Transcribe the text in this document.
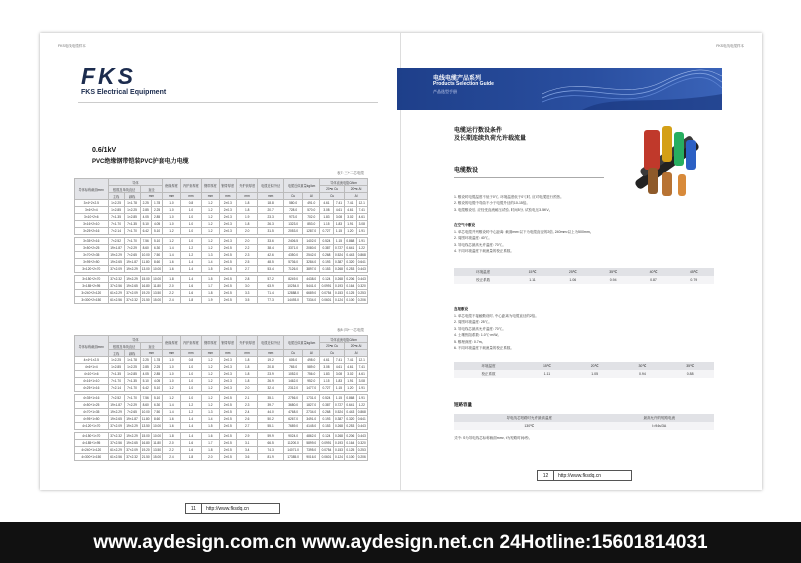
FKS电线电缆样本
FKS
FKS Electrical Equipment
0.6/1kV
PVC绝缘钢带铠装PVC护套电力电缆
表7: 三+二芯电缆
导体标称截面mm²	导体				绝缘厚度	内护套厚度	钢带厚度	钢带厚度	外护套厚度	电缆近似外径	电缆近似重量kg/km		导体直流电阻Ω/km			
	根数及单线直径		直径										20℃ Cu		20℃ Al	
	主线	副线	mm		mm	mm	mm	mm	mm	mm	Cu	Al	Cu		Al	
3×4+2×2.5	1×2.25	1×1.78	2.25	1.78	1.0	0.8	1.2	2×0.3	1.8	18.8	580.0	491.0	4.61	7.41	7.41	12.1
3×6+2×4	1×2.85	1×2.25	2.85	2.25	1.0	1.0	1.2	2×0.3	1.8	20.7	728.0	570.0	3.08	4.61	4.61	7.41
3×10+2×6	7×1.35	1×2.85	4.05	2.85	1.0	1.0	1.2	2×0.3	1.9	23.3	973.0	702.0	1.83	3.08	3.02	4.61
3×16+2×10	7×1.70	7×1.35	5.10	4.05	1.0	1.0	1.2	2×0.3	1.8	26.3	1323.0	853.0	1.15	1.83	1.91	3.08
3×25+2×16	7×2.14	7×1.70	6.42	5.10	1.2	1.0	1.2	2×0.3	2.0	31.5	2053.0	1287.0	0.727	1.15	1.20	1.91

3×35+2×16	7×2.52	7×1.70	7.56	5.10	1.2	1.0	1.2	2×0.3	2.0	33.6	2406.5	1402.0	0.524	1.15	0.868	1.91
3×50+2×25	19×1.87	7×2.29	8.60	6.30	1.4	1.2	1.2	2×0.5	2.2	38.4	3371.0	2080.0	0.387	0.727	0.641	1.22
3×70+2×35	19×2.29	7×2.65	10.00	7.50	1.4	1.2	1.3	2×0.5	2.3	42.6	4350.0	2542.0	0.268	0.524	0.443	0.868
3×95+2×50	19×2.65	19×1.87	11.80	8.60	1.6	1.4	1.4	2×0.5	2.5	48.5	5736.0	3284.0	0.193	0.387	0.320	0.641
3×120+2×70	37×2.09	19×2.29	13.00	10.00	1.6	1.4	1.5	2×0.5	2.7	53.4	7126.0	3897.0	0.153	0.268	0.253	0.443

3×150+2×70	37×2.32	19×2.29	15.00	10.00	1.8	1.4	1.5	2×0.5	2.8	57.2	8249.0	4438.0	0.124	0.268	0.206	0.443
3×185+2×95	37×2.56	19×2.65	16.80	11.80	2.0	1.6	1.7	2×0.5	3.0	63.9	10254.0	5441.0	0.0991	0.193	0.164	0.320
3×240+2×120	61×2.29	37×2.09	19.20	13.50	2.2	1.6	1.8	2×0.5	3.3	71.4	12888.0	6689.0	0.0754	0.153	0.125	0.253
3×300+2×150	61×2.56	37×2.32	21.50	15.00	2.4	1.8	1.9	2×0.5	3.5	77.3	14493.0	7334.0	0.0601	0.124	0.100	0.206
表8: 四+一芯电缆
导体标称截面mm²	导体				绝缘厚度	内护套厚度	钢带厚度	钢带厚度	外护套厚度	电缆近似外径	电缆近似重量kg/km		导体直流电阻Ω/km			
	根数及单线直径		直径										20℃ Cu		20℃ Al	
	主线	副线	mm		mm	mm	mm	mm	mm	mm	Cu	Al	Cu		Al	
4×4+1×2.5	1×2.25	1×1.78	2.25	1.78	1.0	0.8	1.2	2×0.3	1.8	19.2	605.0	498.0	4.61	7.41	7.41	12.1
4×6+1×4	1×2.85	1×2.25	2.85	2.25	1.0	1.0	1.2	2×0.3	1.8	20.8	765.0	589.0	3.08	4.61	4.61	7.41
4×10+1×6	7×1.35	1×2.85	4.05	2.85	1.0	1.0	1.2	2×0.3	1.8	23.9	1052.0	756.0	1.83	3.08	3.02	4.61
4×16+1×10	7×1.70	7×1.35	5.10	4.05	1.0	1.0	1.2	2×0.3	1.8	26.9	1462.0	952.0	1.15	1.83	1.91	3.08
4×25+1×16	7×2.14	7×1.70	6.42	5.10	1.2	1.0	1.2	2×0.3	2.0	32.4	2312.0	1477.0	0.727	1.15	1.20	1.91

4×35+1×16	7×2.52	7×1.70	7.56	5.10	1.2	1.0	1.2	2×0.5	2.1	35.1	2756.0	1731.0	0.524	1.15	0.868	1.91
4×50+1×25	19×1.87	7×2.29	8.60	6.30	1.4	1.2	1.2	2×0.5	2.3	39.7	3680.0	1827.0	0.387	0.727	0.641	1.22
4×70+1×35	19×2.29	7×2.65	10.00	7.50	1.4	1.2	1.3	2×0.5	2.4	44.0	4768.0	2734.0	0.268	0.524	0.443	0.868
4×95+1×50	19×2.65	19×1.87	11.80	8.60	1.6	1.4	1.4	2×0.5	2.6	50.2	6267.0	3491.0	0.193	0.387	0.320	0.641
4×120+1×70	37×2.09	19×2.29	13.50	10.00	1.6	1.4	1.5	2×0.5	2.7	55.1	7689.0	4145.0	0.153	0.268	0.253	0.443

4×150+1×70	37×2.32	19×2.29	15.00	10.00	1.8	1.4	1.6	2×0.5	2.9	59.9	9024.0	4862.0	0.124	0.268	0.206	0.443
4×185+1×95	37×2.56	19×2.65	16.80	11.80	2.0	1.6	1.7	2×0.5	3.1	66.5	11200.0	5899.0	0.0991	0.193	0.164	0.320
4×240+1×120	61×2.29	37×2.09	19.20	13.50	2.2	1.6	1.8	2×0.5	3.4	74.3	14071.0	7395.0	0.0754	0.153	0.125	0.253
4×300+1×150	61×2.56	37×2.32	21.50	15.00	2.4	1.8	2.0	2×0.5	3.6	81.9	17385.0	9016.0	0.0601	0.124	0.100	0.206
11	http://www.fksdq.cn
FKS电线电缆样本
电线电缆产品系列
Products Selection Guide
产品选型手册
电缆运行数设条件
及长期连续负荷允许载流量
电缆数设
1. 敷设时电缆温度不低于0℃, 环境温度低于0℃时, 应对电缆进行预热。
2. 敷设的电缆中弯曲不小于电缆外径的10-15倍。
3. 电缆敷设后, 应经受直流耐压试验, 时间5分, 试验电压3.5KV。
在空气中敷设
1. 单芯电缆并列敷设时中心距离: 截面mm²以下为电缆直径的2倍, 240mm²以上为500mm。
2. 周围环境温度: 40℃。
3. 导电线芯最高允许温度: 70℃。
4. 不同环境温度下载流量的校正系数。
环境温度	15℃	25℃	35℃	40℃	45℃
校正系数	1.11	1.06	0.94	0.87	0.79
直埋敷设
1. 单芯电缆不接触敷设时, 中心距离为电缆直径的2倍。
2. 周围环境温度: 25℃。
3. 导电线芯最高允许温度: 70℃。
4. 土壤热阻系数: 1.0℃·m/W。
5. 敷埋深度: 0.7m。
6. 不同环境温度下载流量的校正系数。
环境温度	15℃	20℃	30℃	35℃
校正系数	1.11	1.05	0.94	0.88
短路容量
导电线芯短路时允许最高温度	最高允许的短路电流
130℃	I=94s/3A
式中: S为导电线芯标称截面mm², t为短路时间/秒。
12	http://www.fksdq.cn
www.aydesign.com.cn www.aydesign.net.cn 24Hotline:15601814031
